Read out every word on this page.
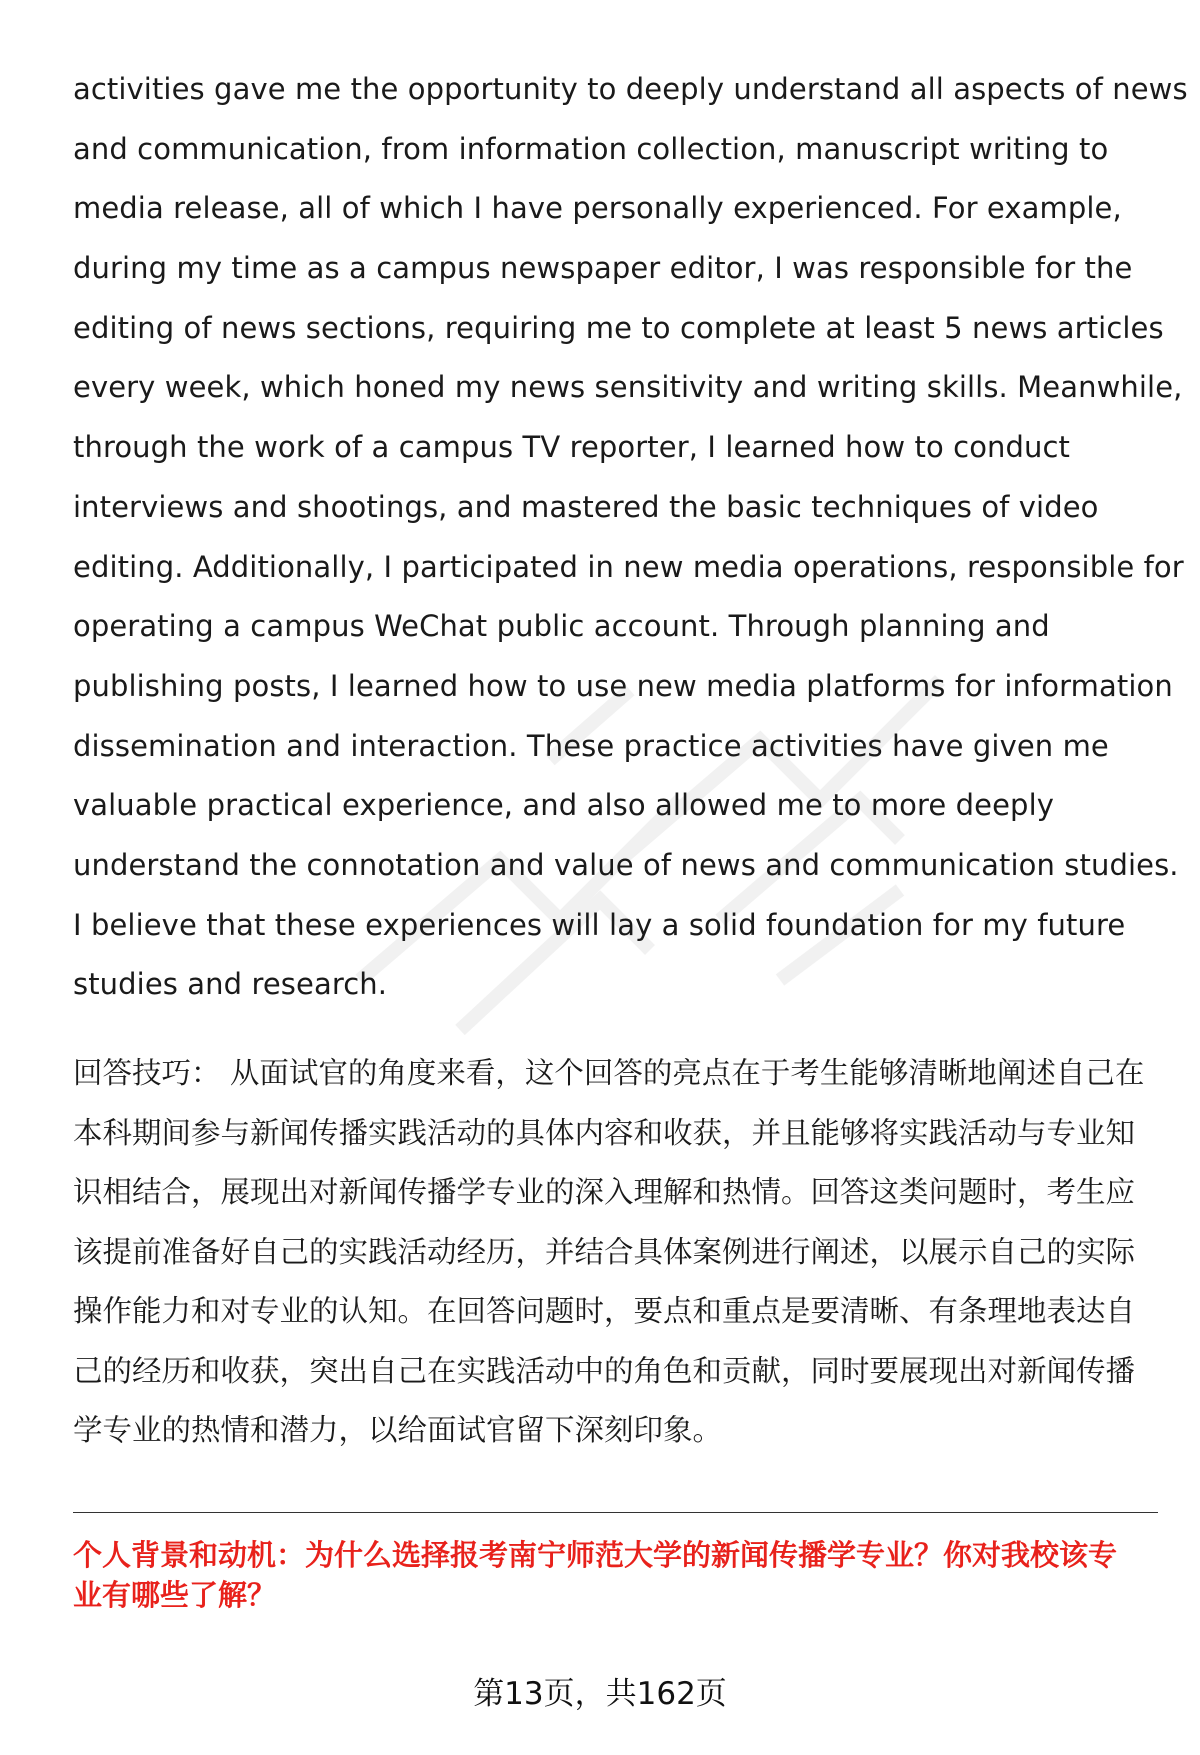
activities gave me the opportunity to deeply understand all aspects of news
and communication, from information collection, manuscript writing to
media release, all of which I have personally experienced. For example,
during my time as a campus newspaper editor, I was responsible for the
editing of news sections, requiring me to complete at least 5 news articles
every week, which honed my news sensitivity and writing skills. Meanwhile,
through the work of a campus TV reporter, I learned how to conduct
interviews and shootings, and mastered the basic techniques of video
editing. Additionally, I participated in new media operations, responsible for
operating a campus WeChat public account. Through planning and
publishing posts, I learned how to use new media platforms for information
dissemination and interaction. These practice activities have given me
valuable practical experience, and also allowed me to more deeply
understand the connotation and value of news and communication studies.
I believe that these experiences will lay a solid foundation for my future
studies and research.
回答技巧： 从面试官的角度来看，这个回答的亮点在于考生能够清晰地阐述自己在
本科期间参与新闻传播实践活动的具体内容和收获，并且能够将实践活动与专业知
识相结合，展现出对新闻传播学专业的深入理解和热情。回答这类问题时，考生应
该提前准备好自己的实践活动经历，并结合具体案例进行阐述，以展示自己的实际
操作能力和对专业的认知。在回答问题时，要点和重点是要清晰、有条理地表达自
己的经历和收获，突出自己在实践活动中的角色和贡献，同时要展现出对新闻传播
学专业的热情和潜力，以给面试官留下深刻印象。
个人背景和动机：为什么选择报考南宁师范大学的新闻传播学专业？你对我校该专
业有哪些了解？
第13页，共162页
